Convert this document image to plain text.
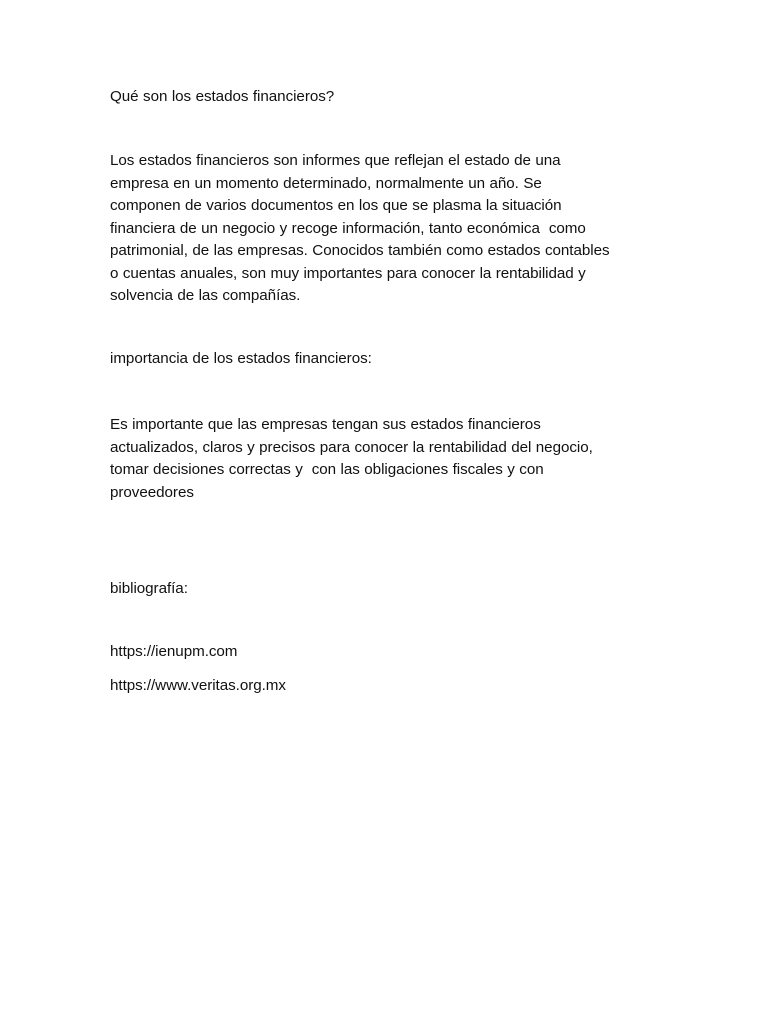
Qué son los estados financieros?

Los estados financieros son informes que reflejan el estado de una
empresa en un momento determinado, normalmente un año. Se
componen de varios documentos en los que se plasma la situación
financiera de un negocio y recoge información, tanto económica  como
patrimonial, de las empresas. Conocidos también como estados contables
o cuentas anuales, son muy importantes para conocer la rentabilidad y
solvencia de las compañías.

importancia de los estados financieros:

Es importante que las empresas tengan sus estados financieros
actualizados, claros y precisos para conocer la rentabilidad del negocio,
tomar decisiones correctas y  con las obligaciones fiscales y con
proveedores

bibliografía:

https://ienupm.com

https://www.veritas.org.mx
